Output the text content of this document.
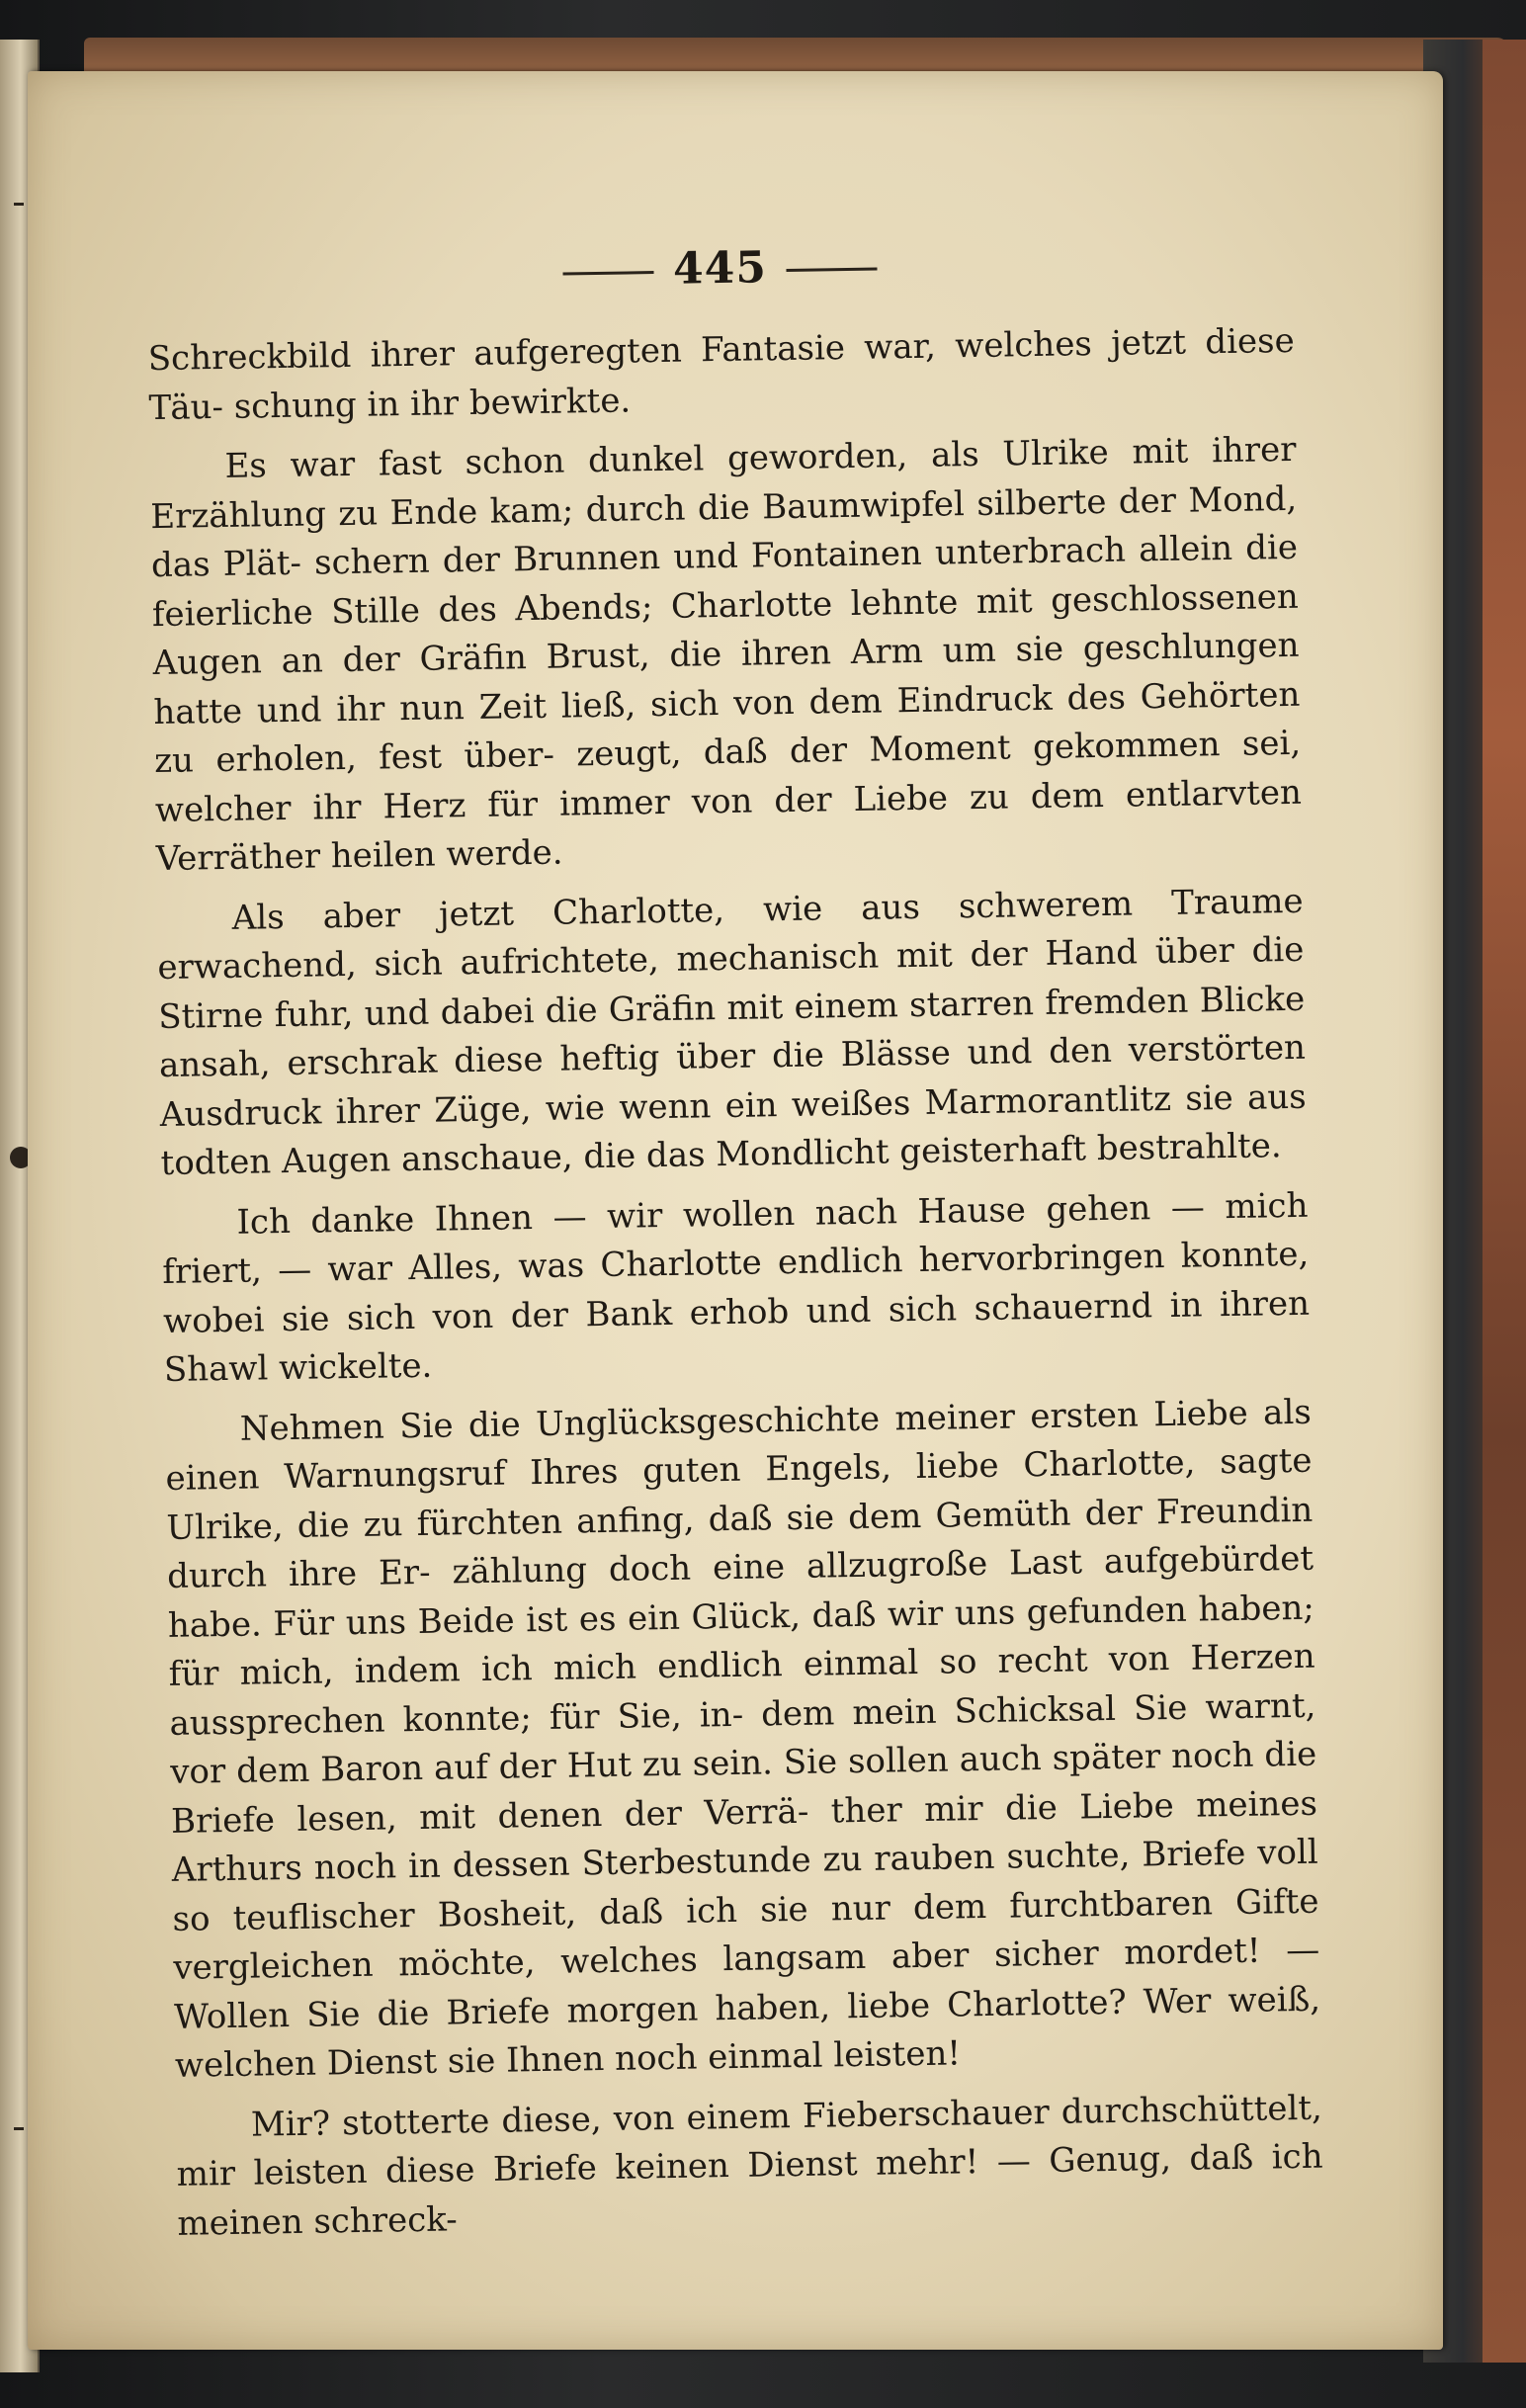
445

Schreckbild ihrer aufgeregten Fantasie war, welches jetzt diese Täu- schung in ihr bewirkte.

Es war fast schon dunkel geworden, als Ulrike mit ihrer Erzählung zu Ende kam; durch die Baumwipfel silberte der Mond, das Plät- schern der Brunnen und Fontainen unterbrach allein die feierliche Stille des Abends; Charlotte lehnte mit geschlossenen Augen an der Gräfin Brust, die ihren Arm um sie geschlungen hatte und ihr nun Zeit ließ, sich von dem Eindruck des Gehörten zu erholen, fest über- zeugt, daß der Moment gekommen sei, welcher ihr Herz für immer von der Liebe zu dem entlarvten Verräther heilen werde.

Als aber jetzt Charlotte, wie aus schwerem Traume erwachend, sich aufrichtete, mechanisch mit der Hand über die Stirne fuhr, und dabei die Gräfin mit einem starren fremden Blicke ansah, erschrak diese heftig über die Blässe und den verstörten Ausdruck ihrer Züge, wie wenn ein weißes Marmorantlitz sie aus todten Augen anschaue, die das Mondlicht geisterhaft bestrahlte.

Ich danke Ihnen — wir wollen nach Hause gehen — mich friert, — war Alles, was Charlotte endlich hervorbringen konnte, wobei sie sich von der Bank erhob und sich schauernd in ihren Shawl wickelte.

Nehmen Sie die Unglücksgeschichte meiner ersten Liebe als einen Warnungsruf Ihres guten Engels, liebe Charlotte, sagte Ulrike, die zu fürchten anfing, daß sie dem Gemüth der Freundin durch ihre Er- zählung doch eine allzugroße Last aufgebürdet habe. Für uns Beide ist es ein Glück, daß wir uns gefunden haben; für mich, indem ich mich endlich einmal so recht von Herzen aussprechen konnte; für Sie, in- dem mein Schicksal Sie warnt, vor dem Baron auf der Hut zu sein. Sie sollen auch später noch die Briefe lesen, mit denen der Verrä- ther mir die Liebe meines Arthurs noch in dessen Sterbestunde zu rauben suchte, Briefe voll so teuflischer Bosheit, daß ich sie nur dem furchtbaren Gifte vergleichen möchte, welches langsam aber sicher mordet! — Wollen Sie die Briefe morgen haben, liebe Charlotte? Wer weiß, welchen Dienst sie Ihnen noch einmal leisten!

Mir? stotterte diese, von einem Fieberschauer durchschüttelt, mir leisten diese Briefe keinen Dienst mehr! — Genug, daß ich meinen schreck-
